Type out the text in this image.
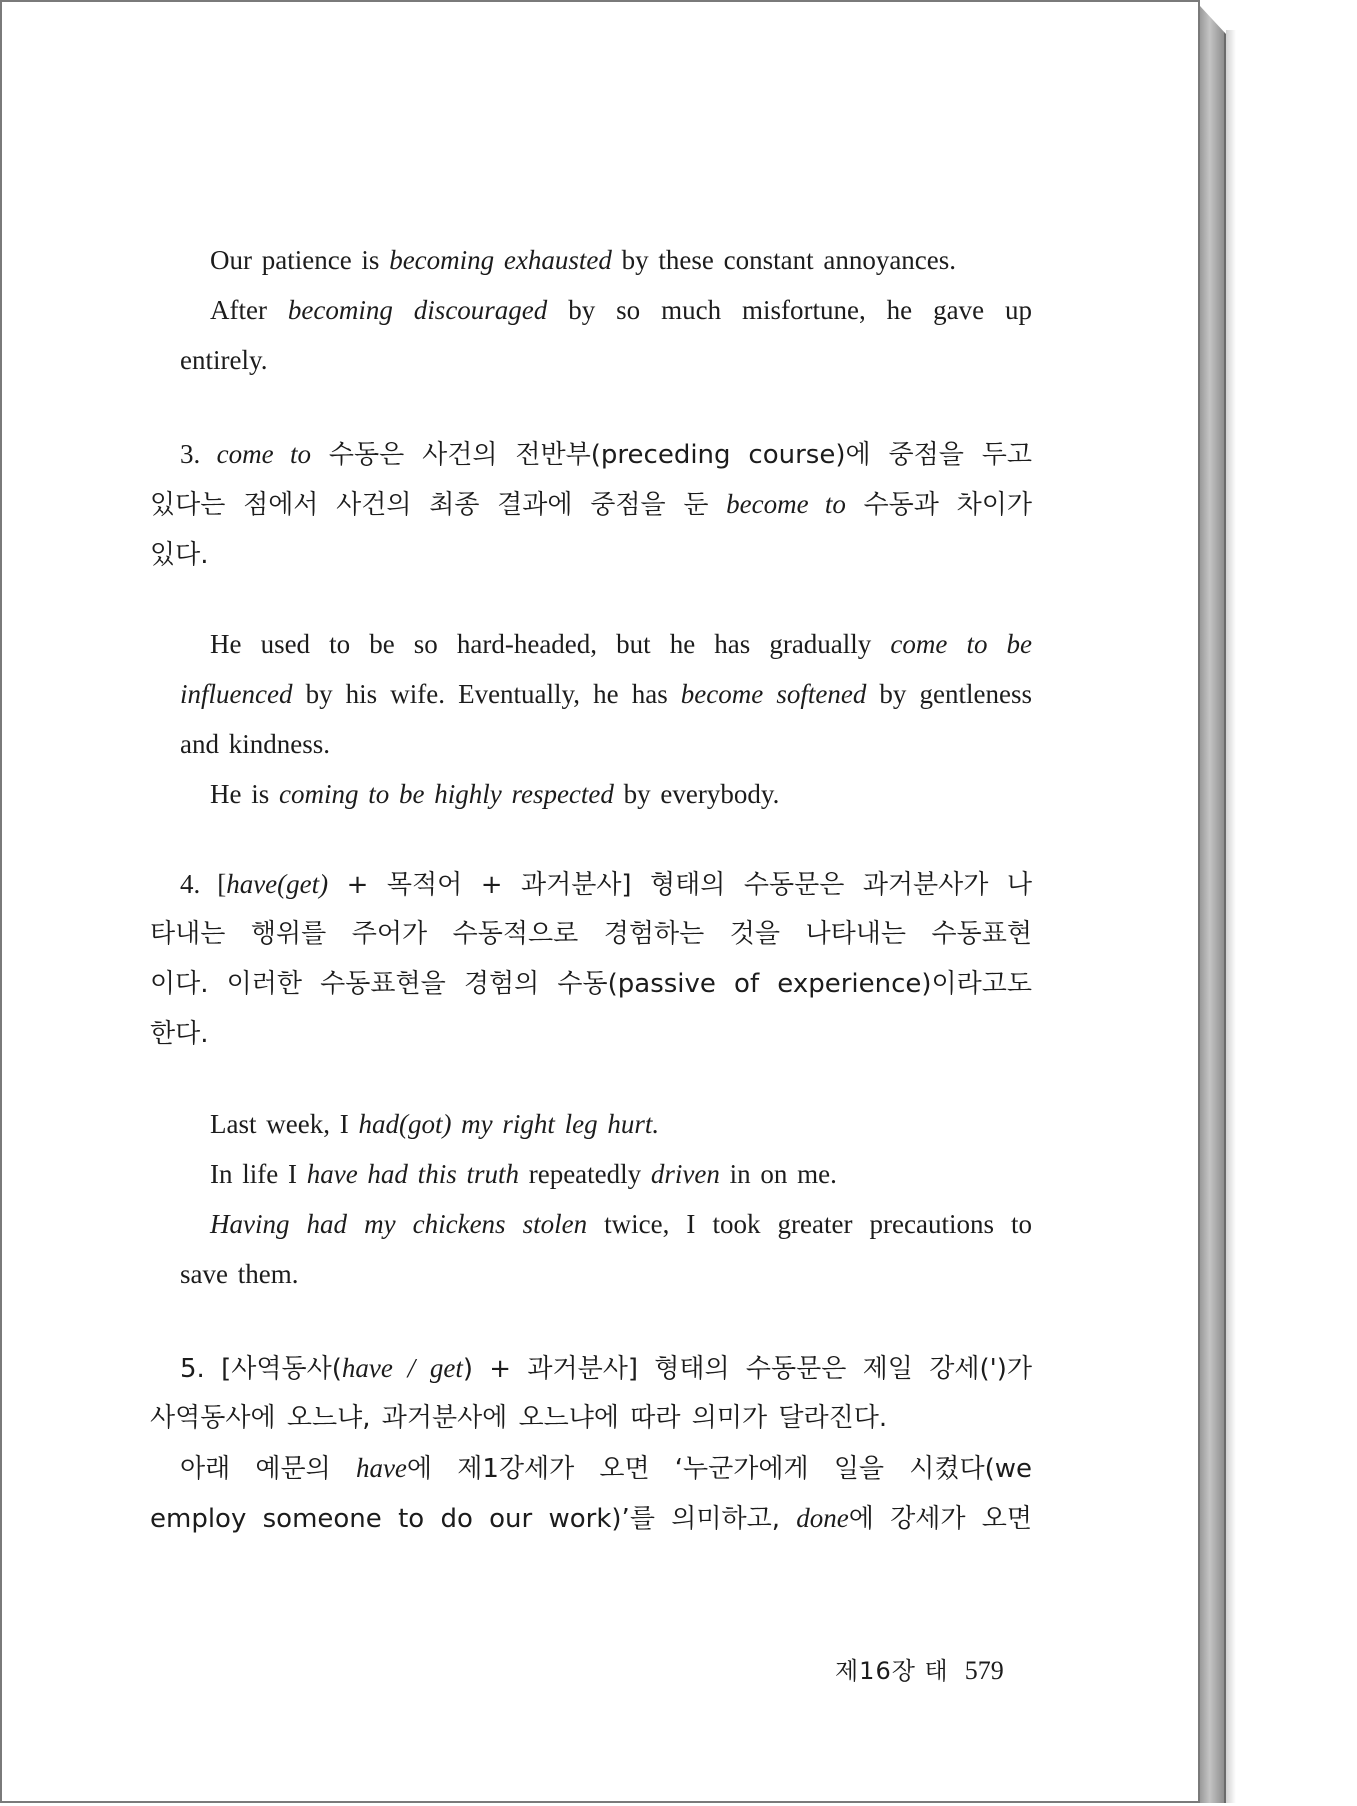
Our patience is becoming exhausted by these constant annoyances.
After becoming discouraged by so much misfortune, he gave up
entirely.
3. come to 수동은 사건의 전반부(preceding course)에 중점을 두고
있다는 점에서 사건의 최종 결과에 중점을 둔 become to 수동과 차이가
있다.
He used to be so hard-headed, but he has gradually come to be
influenced by his wife. Eventually, he has become softened by gentleness
and kindness.
He is coming to be highly respected by everybody.
4. [have(get) + 목적어 + 과거분사] 형태의 수동문은 과거분사가 나
타내는 행위를 주어가 수동적으로 경험하는 것을 나타내는 수동표현
이다. 이러한 수동표현을 경험의 수동(passive of experience)이라고도
한다.
Last week, I had(got) my right leg hurt.
In life I have had this truth repeatedly driven in on me.
Having had my chickens stolen twice, I took greater precautions to
save them.
5. [사역동사(have / get) + 과거분사] 형태의 수동문은 제일 강세(')가
사역동사에 오느냐, 과거분사에 오느냐에 따라 의미가 달라진다.
아래 예문의 have에 제1강세가 오면 ‘누군가에게 일을 시켰다(we
employ someone to do our work)’를 의미하고, done에 강세가 오면
제16장 태 579
